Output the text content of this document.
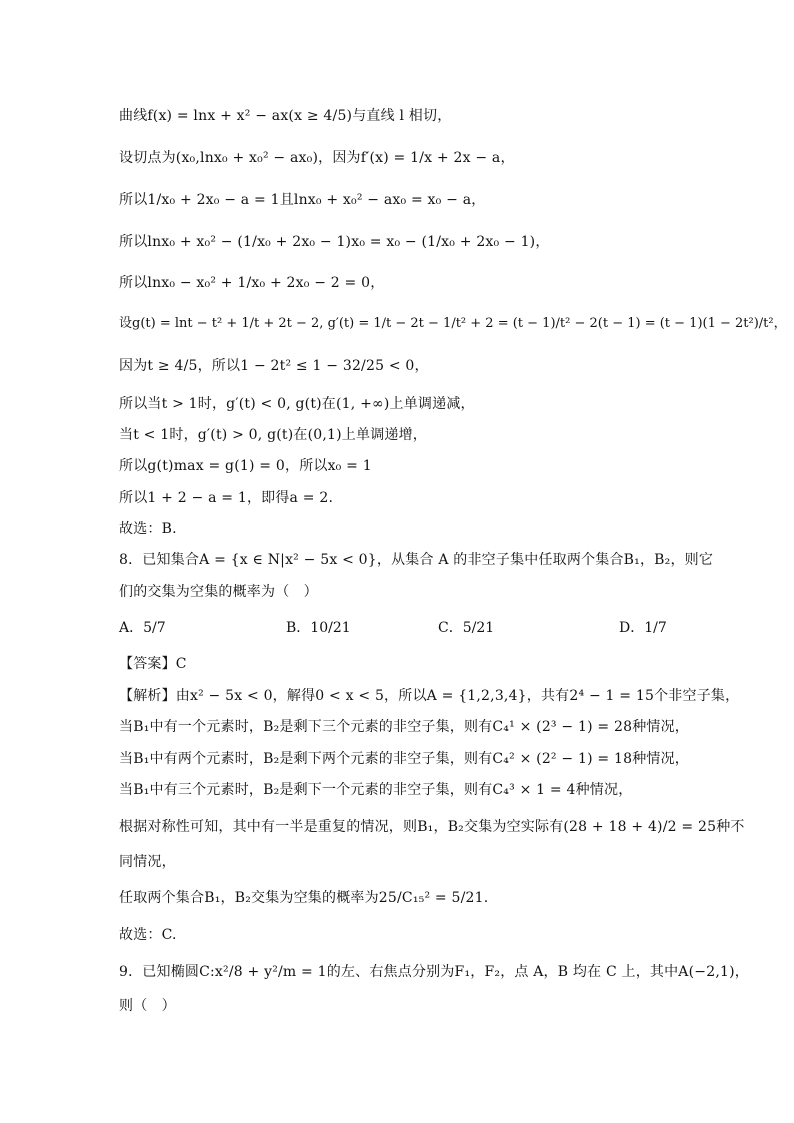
曲线f(x) = lnx + x² − ax(x ≥ 4/5)与直线 l 相切，
设切点为(x₀,lnx₀ + x₀² − ax₀)，因为f′(x) = 1/x + 2x − a，
所以1/x₀ + 2x₀ − a = 1且lnx₀ + x₀² − ax₀ = x₀ − a，
所以lnx₀ + x₀² − (1/x₀ + 2x₀ − 1)x₀ = x₀ − (1/x₀ + 2x₀ − 1)，
所以lnx₀ − x₀² + 1/x₀ + 2x₀ − 2 = 0，
设g(t) = lnt − t² + 1/t + 2t − 2, g′(t) = 1/t − 2t − 1/t² + 2 = (t − 1)/t² − 2(t − 1) = (t − 1)(1 − 2t²)/t²，
因为t ≥ 4/5，所以1 − 2t² ≤ 1 − 32/25 < 0，
所以当t > 1时，g′(t) < 0, g(t)在(1, +∞)上单调递减，
当t < 1时，g′(t) > 0, g(t)在(0,1)上单调递增，
所以g(t)max = g(1) = 0，所以x₀ = 1
所以1 + 2 − a = 1，即得a = 2.
故选：B.
8．已知集合A = {x ∈ N|x² − 5x < 0}，从集合 A 的非空子集中任取两个集合B₁，B₂，则它
们的交集为空集的概率为（　）
A．5/7	B．10/21	C．5/21	D．1/7
【答案】C
【解析】由x² − 5x < 0，解得0 < x < 5，所以A = {1,2,3,4}，共有2⁴ − 1 = 15个非空子集，
当B₁中有一个元素时，B₂是剩下三个元素的非空子集，则有C₄¹ × (2³ − 1) = 28种情况，
当B₁中有两个元素时，B₂是剩下两个元素的非空子集，则有C₄² × (2² − 1) = 18种情况，
当B₁中有三个元素时，B₂是剩下一个元素的非空子集，则有C₄³ × 1 = 4种情况，
根据对称性可知，其中有一半是重复的情况，则B₁，B₂交集为空实际有(28 + 18 + 4)/2 = 25种不
同情况，
任取两个集合B₁，B₂交集为空集的概率为25/C₁₅² = 5/21.
故选：C.
9．已知椭圆C:x²/8 + y²/m = 1的左、右焦点分别为F₁，F₂，点 A，B 均在 C 上，其中A(−2,1)，
则（　）
